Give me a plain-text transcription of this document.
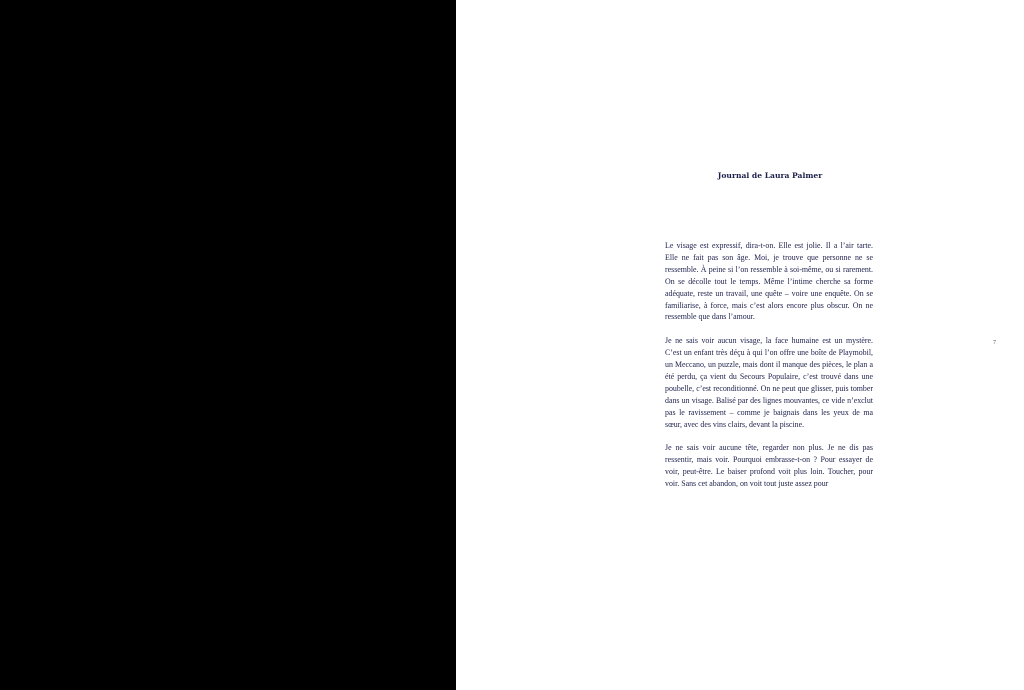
Journal de Laura Palmer

Le visage est expressif, dira-t-on. Elle est jolie. Il a l’air tarte. Elle ne fait pas son âge. Moi, je trouve que personne ne se ressemble. À peine si l’on ressemble à soi-même, ou si rarement. On se décolle tout le temps. Même l’intime cherche sa forme adéquate, reste un travail, une quête – voire une enquête. On se familiarise, à force, mais c’est alors encore plus obscur. On ne ressemble que dans l’amour.

Je ne sais voir aucun visage, la face humaine est un mystère. C’est un enfant très déçu à qui l’on offre une boîte de Playmobil, un Meccano, un puzzle, mais dont il manque des pièces, le plan a été perdu, ça vient du Secours Populaire, c’est trouvé dans une poubelle, c’est reconditionné. On ne peut que glisser, puis tomber dans un visage. Balisé par des lignes mouvantes, ce vide n’exclut pas le ravissement – comme je baignais dans les yeux de ma sœur, avec des vins clairs, devant la piscine.

Je ne sais voir aucune tête, regarder non plus. Je ne dis pas ressentir, mais voir. Pourquoi embrasse-t-on ? Pour essayer de voir, peut-être. Le baiser profond voit plus loin. Toucher, pour voir. Sans cet abandon, on voit tout juste assez pour

7
